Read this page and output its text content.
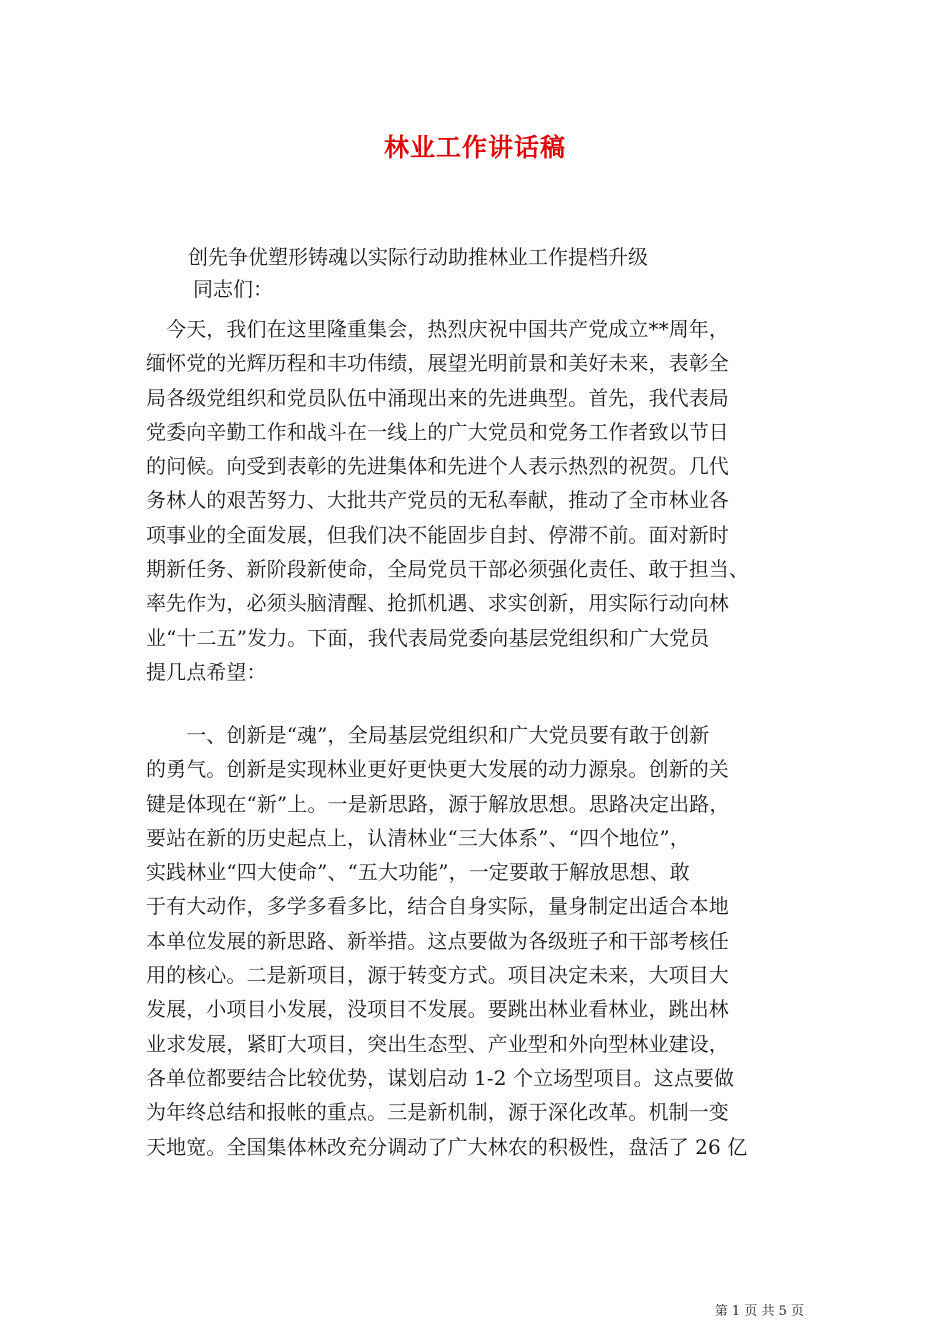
林业工作讲话稿
创先争优塑形铸魂以实际行动助推林业工作提档升级
同志们：
　今天，我们在这里隆重集会，热烈庆祝中国共产党成立**周年，
缅怀党的光辉历程和丰功伟绩，展望光明前景和美好未来，表彰全
局各级党组织和党员队伍中涌现出来的先进典型。首先，我代表局
党委向辛勤工作和战斗在一线上的广大党员和党务工作者致以节日
的问候。向受到表彰的先进集体和先进个人表示热烈的祝贺。几代
务林人的艰苦努力、大批共产党员的无私奉献，推动了全市林业各
项事业的全面发展，但我们决不能固步自封、停滞不前。面对新时
期新任务、新阶段新使命，全局党员干部必须强化责任、敢于担当、
率先作为，必须头脑清醒、抢抓机遇、求实创新，用实际行动向林
业“十二五”发力。下面，我代表局党委向基层党组织和广大党员
提几点希望：
　　一、创新是“魂”，全局基层党组织和广大党员要有敢于创新
的勇气。创新是实现林业更好更快更大发展的动力源泉。创新的关
键是体现在“新”上。一是新思路，源于解放思想。思路决定出路，
要站在新的历史起点上，认清林业“三大体系”、“四个地位”，
实践林业“四大使命”、“五大功能”，一定要敢于解放思想、敢
于有大动作，多学多看多比，结合自身实际，量身制定出适合本地
本单位发展的新思路、新举措。这点要做为各级班子和干部考核任
用的核心。二是新项目，源于转变方式。项目决定未来，大项目大
发展，小项目小发展，没项目不发展。要跳出林业看林业，跳出林
业求发展，紧盯大项目，突出生态型、产业型和外向型林业建设，
各单位都要结合比较优势，谋划启动 1-2 个立场型项目。这点要做
为年终总结和报帐的重点。三是新机制，源于深化改革。机制一变
天地宽。全国集体林改充分调动了广大林农的积极性，盘活了 26 亿
第 1 页 共 5 页
